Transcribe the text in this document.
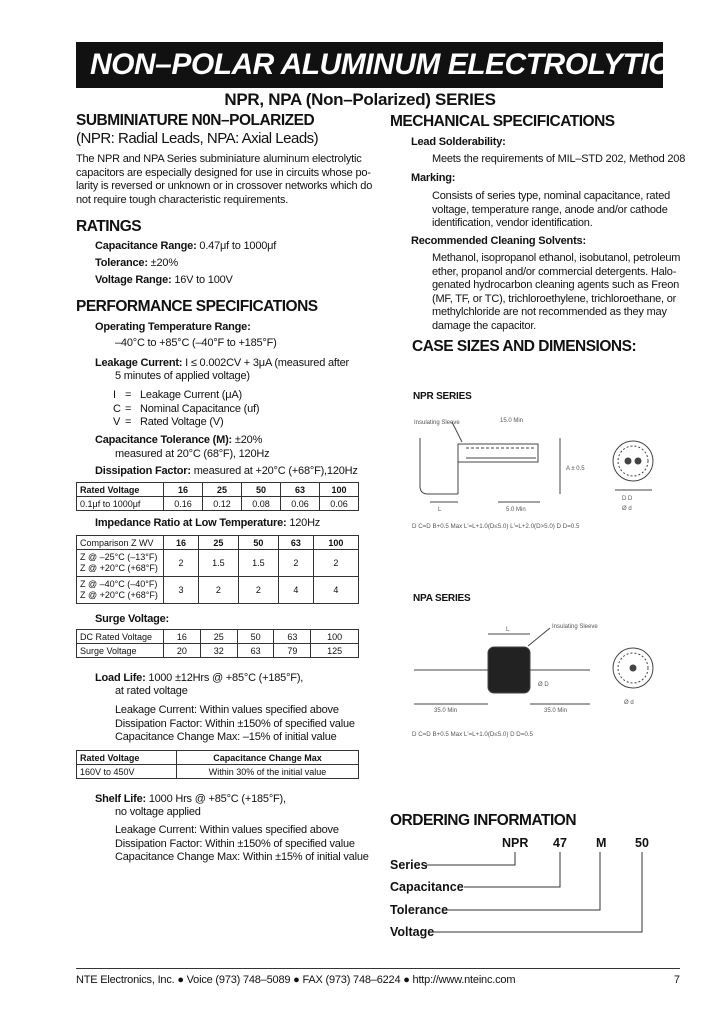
NON–POLAR ALUMINUM ELECTROLYTIC
NPR, NPA (Non–Polarized) SERIES
SUBMINIATURE N0N–POLARIZED
(NPR: Radial Leads, NPA: Axial Leads)
The NPR and NPA Series subminiature aluminum electrolytic
capacitors are especially designed for use in circuits whose po-
larity is reversed or unknown or in crossover networks which do
not require tough characteristic requirements.
RATINGS
Capacitance Range: 0.47μf to 1000μf
Tolerance: ±20%
Voltage Range: 16V to 100V
PERFORMANCE SPECIFICATIONS
Operating Temperature Range:
–40°C to +85°C (–40°F to +185°F)
Leakage Current: I ≤ 0.002CV + 3μA (measured after
5 minutes of applied voltage)
I = Leakage Current (μA)
C = Nominal Capacitance (uf)
V = Rated Voltage (V)
Capacitance Tolerance (M): ±20%
measured at 20°C (68°F), 120Hz
Dissipation Factor: measured at +20°C (+68°F),120Hz
Rated Voltage	16	25	50	63	100
0.1μf to 1000μf	0.16	0.12	0.08	0.06	0.06
Impedance Ratio at Low Temperature: 120Hz
Comparison Z WV	16	25	50	63	100

Z @ –25°C (–13°F)
Z @ +20°C (+68°F)	2	1.5	1.5	2	2

Z @ –40°C (–40°F)
Z @ +20°C (+68°F)	3	2	2	4	4
Surge Voltage:
DC Rated Voltage	16	25	50	63	100
Surge Voltage	20	32	63	79	125
Load Life: 1000 ±12Hrs @ +85°C (+185°F),
at rated voltage
Leakage Current: Within values specified above
Dissipation Factor: Within ±150% of specified value
Capacitance Change Max: –15% of initial value
Rated Voltage	Capacitance Change Max
160V to 450V	Within 30% of the initial value
Shelf Life: 1000 Hrs @ +85°C (+185°F),
no voltage applied
Leakage Current: Within values specified above
Dissipation Factor: Within ±150% of specified value
Capacitance Change Max: Within ±15% of initial value
MECHANICAL SPECIFICATIONS
Lead Solderability:
Meets the requirements of MIL–STD 202, Method 208
Marking:
Consists of series type, nominal capacitance, rated
voltage, temperature range, anode and/or cathode
identification, vendor identification.
Recommended Cleaning Solvents:
Methanol, isopropanol ethanol, isobutanol, petroleum
ether, propanol and/or commercial detergents. Halo-
genated hydrocarbon cleaning agents such as Freon
(MF, TF, or TC), trichloroethylene, trichloroethane, or
methylchloride are not recommended as they may
damage the capacitor.
CASE SIZES AND DIMENSIONS:
NPR SERIES
Insulating Sleeve	15.0 Min
A ± 0.5
L	5.0 Min
D D
Ø d
D C=D B+0.5 Max L'=L+1.0(D≤5.0) L'=L+2.0(D>5.0) D D=0.5
NPA SERIES
Insulating Sleeve
L
Ø D
35.0 Min	35.0 Min
Ø d
D C=D B+0.5 Max L'=L+1.0(D≤5.0) D D=0.5
ORDERING INFORMATION
NPR 47 M 50
Series
Capacitance
Tolerance
Voltage
NTE Electronics, Inc. ● Voice (973) 748–5089 ● FAX (973) 748–6224 ● http://www.nteinc.com	7
